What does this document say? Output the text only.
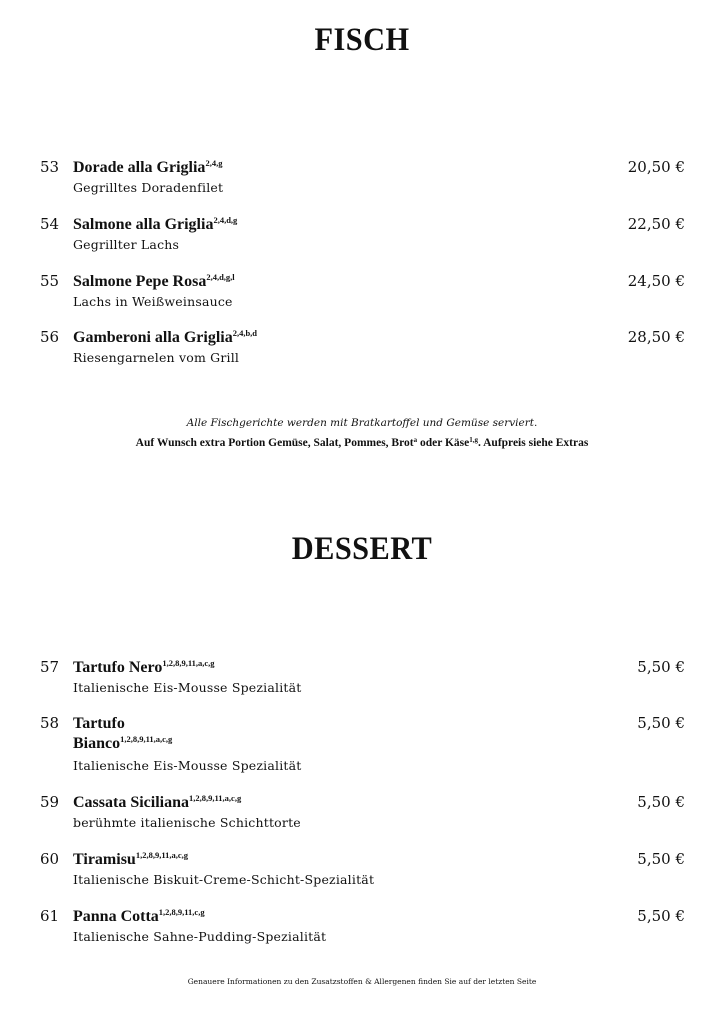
FISCH
53 Dorade alla Griglia$^{2,4,g}$
Gegrilltes Doradenfilet
20,50 €
54 Salmone alla Griglia$^{2,4,d,g}$
Gegrillter Lachs
22,50 €
55 Salmone Pepe Rosa$^{2,4,d,g,l}$
Lachs in Weißweinsauce
24,50 €
56 Gamberoni alla Griglia$^{2,4,b,d}$
Riesengarnelen vom Grill
28,50 €
Alle Fischgerichte werden mit Bratkartoffel und Gemüse serviert.
Auf Wunsch extra Portion Gemüse, Salat, Pommes, Brot$^a$ oder Käse$^{1,g}$. Aufpreis siehe Extras
DESSERT
57 Tartufo Nero$^{1,2,8,9,11,a,c,g}$
Italienische Eis-Mousse Spezialität
5,50 €
58 Tartufo
Bianco$^{1,2,8,9,11,a,c,g}$
Italienische Eis-Mousse Spezialität
5,50 €
59 Cassata Siciliana$^{1,2,8,9,11,a,c,g}$
berühmte italienische Schichttorte
5,50 €
60 Tiramisu$^{1,2,8,9,11,a,c,g}$
Italienische Biskuit-Creme-Schicht-Spezialität
5,50 €
61 Panna Cotta$^{1,2,8,9,11,c,g}$
Italienische Sahne-Pudding-Spezialität
5,50 €
Genauere Informationen zu den Zusatzstoffen & Allergenen finden Sie auf der letzten Seite
